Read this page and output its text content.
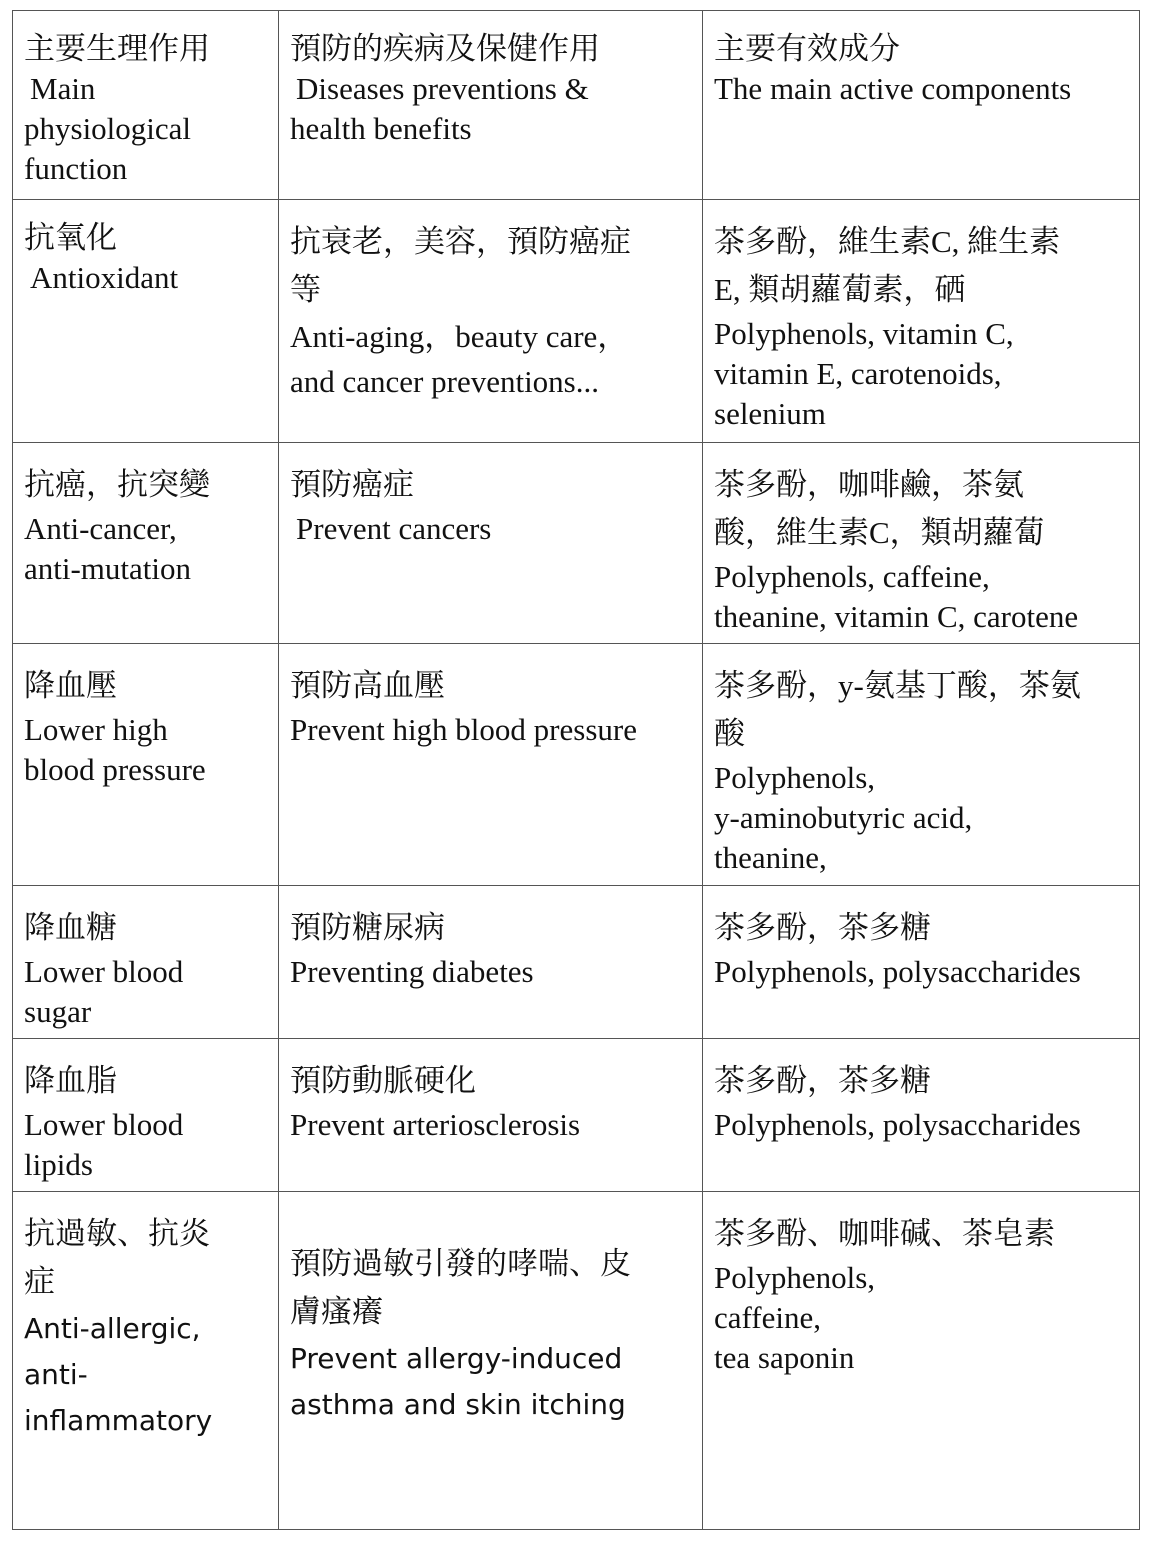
主要生理作用
Main
physiological
function	預防的疾病及保健作用
Diseases preventions &
health benefits	主要有效成分
The main active components

抗氧化
Antioxidant	抗衰老，美容，預防癌症
等
Anti-aging，beauty care，
and cancer preventions...	茶多酚，維生素C, 維生素
E, 類胡蘿蔔素，硒
Polyphenols, vitamin C,
vitamin E, carotenoids,
selenium

抗癌，抗突變
Anti-cancer,
anti-mutation	預防癌症
Prevent cancers	茶多酚，咖啡鹼，茶氨
酸，維生素C，類胡蘿蔔
Polyphenols, caffeine,
theanine, vitamin C, carotene

降血壓
Lower high
blood pressure	預防高血壓
Prevent high blood pressure	茶多酚，y-氨基丁酸，茶氨
酸
Polyphenols,
y-aminobutyric acid,
theanine,

降血糖
Lower blood
sugar	預防糖尿病
Preventing diabetes	茶多酚，茶多糖
Polyphenols, polysaccharides

降血脂
Lower blood
lipids	預防動脈硬化
Prevent arteriosclerosis	茶多酚，茶多糖
Polyphenols, polysaccharides

抗過敏、抗炎
症
Anti-allergic,
anti-
inflammatory	預防過敏引發的哮喘、皮
膚瘙癢
Prevent allergy-induced
asthma and skin itching	茶多酚、咖啡碱、茶皂素
Polyphenols,
caffeine,
tea saponin
